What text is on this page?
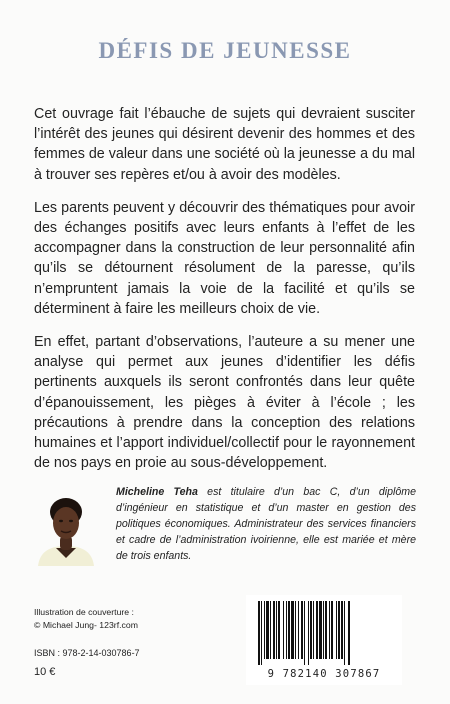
DÉFIS DE JEUNESSE

Cet ouvrage fait l’ébauche de sujets qui devraient susciter l’intérêt des jeunes qui désirent devenir des hommes et des femmes de valeur dans une société où la jeunesse a du mal à trouver ses repères et/ou à avoir des modèles.

Les parents peuvent y découvrir des thématiques pour avoir des échanges positifs avec leurs enfants à l’effet de les accompagner dans la construction de leur personnalité afin qu’ils se détournent résolument de la paresse, qu’ils n’empruntent jamais la voie de la facilité et qu’ils se déterminent à faire les meilleurs choix de vie.

En effet, partant d’observations, l’auteure a su mener une analyse qui permet aux jeunes d’identifier les défis pertinents auxquels ils seront confrontés dans leur quête d’épanouissement, les pièges à éviter à l’école ; les précautions à prendre dans la conception des relations humaines et l’apport individuel/collectif pour le rayonnement de nos pays en proie au sous-développement.

Micheline Teha est titulaire d’un bac C, d’un diplôme d’ingénieur en statistique et d’un master en gestion des politiques économiques. Administrateur des services financiers et cadre de l’administration ivoirienne, elle est mariée et mère de trois enfants.
Illustration de couverture :
© Michael Jung- 123rf.com
ISBN : 978-2-14-030786-7
10 €	9 782140 307867
